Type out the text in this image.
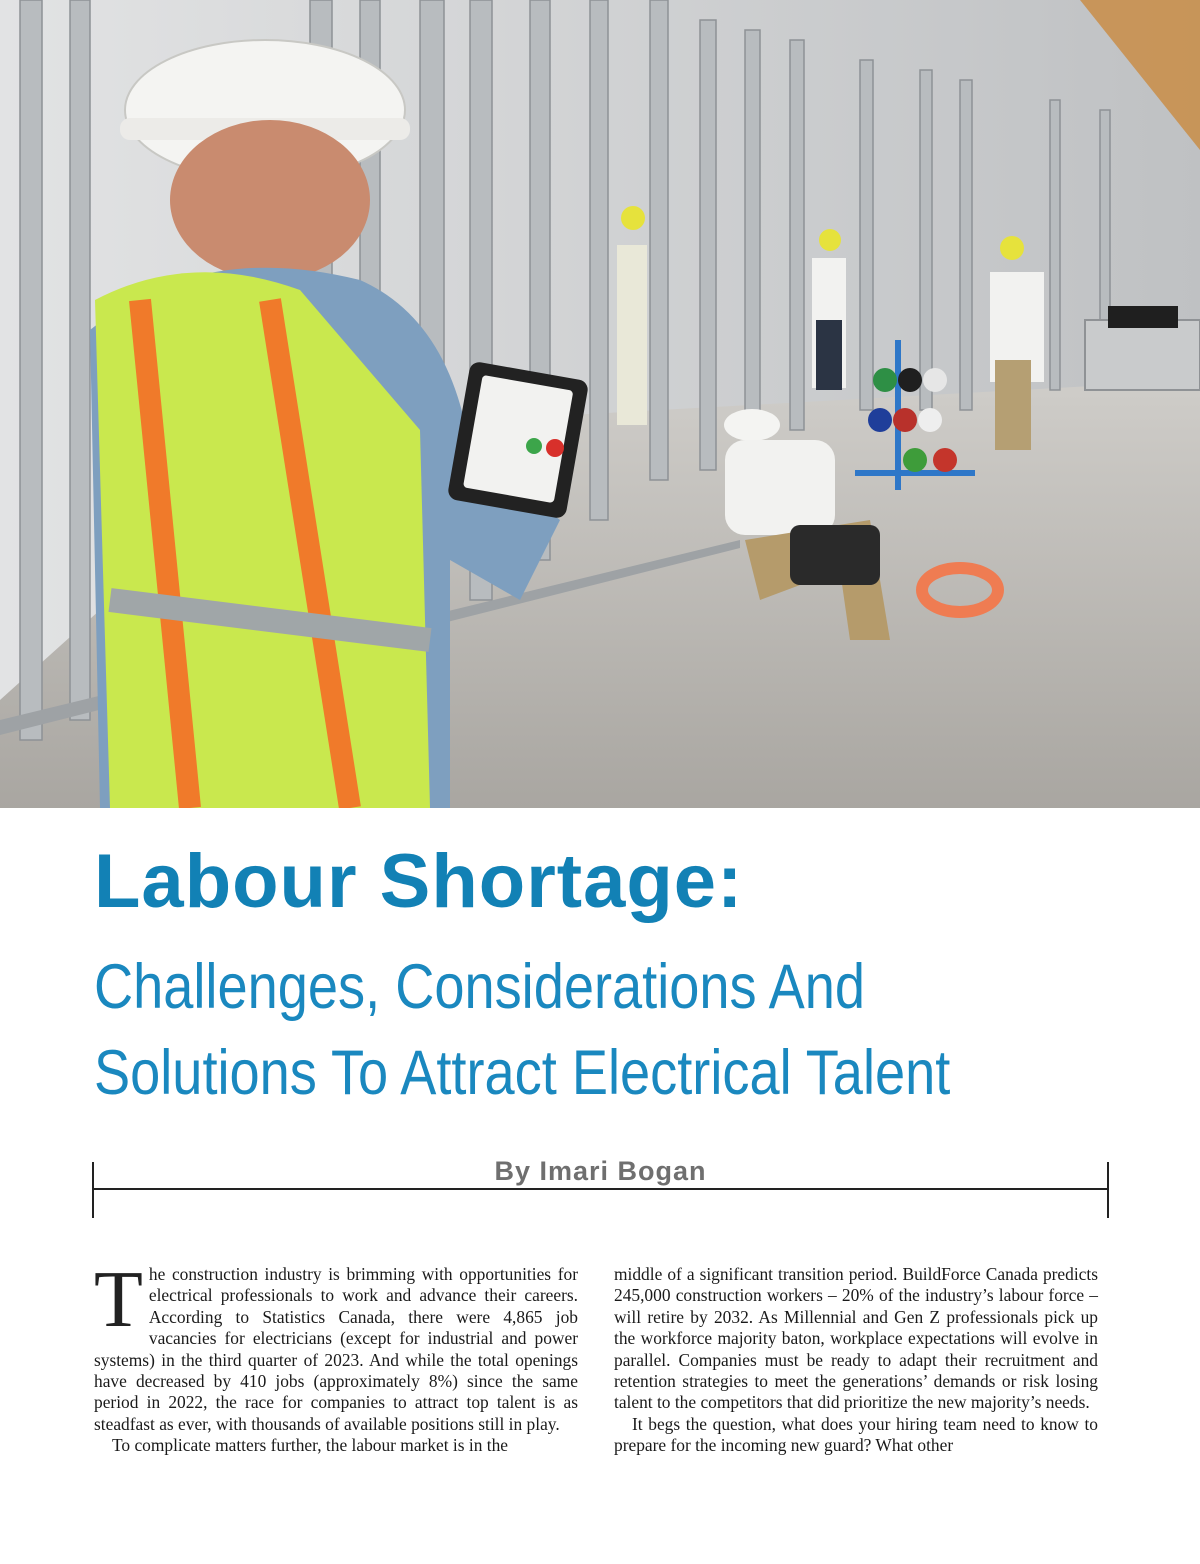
Labour Shortage:
Challenges, Considerations And
Solutions To Attract Electrical Talent

By Imari Bogan

The construction industry is brimming with opportunities for electrical professionals to work and advance their careers. According to Statistics Canada, there were 4,865 job vacancies for electricians (except for industrial and power systems) in the third quarter of 2023. And while the total openings have decreased by 410 jobs (approximately 8%) since the same period in 2022, the race for companies to attract top talent is as steadfast as ever, with thousands of available positions still in play.

To complicate matters further, the labour market is in the

middle of a significant transition period. BuildForce Canada predicts 245,000 construction workers – 20% of the industry’s labour force – will retire by 2032. As Millennial and Gen Z professionals pick up the workforce majority baton, workplace expectations will evolve in parallel. Companies must be ready to adapt their recruitment and retention strategies to meet the generations’ demands or risk losing talent to the competitors that did prioritize the new majority’s needs.

It begs the question, what does your hiring team need to know to prepare for the incoming new guard? What other
